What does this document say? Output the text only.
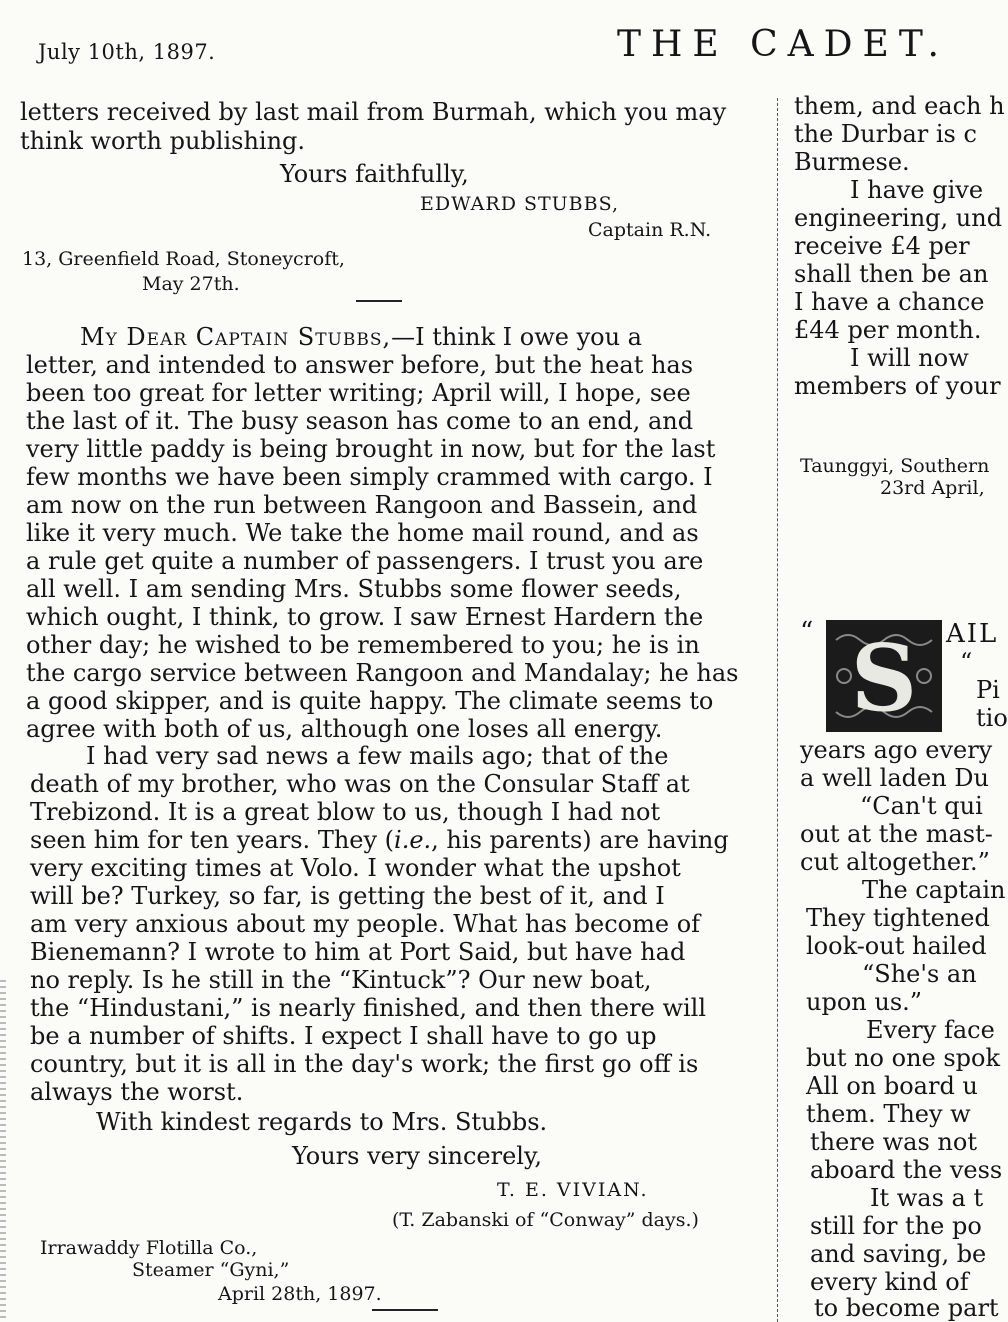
July 10th, 1897.	THE CADET.
letters received by last mail from Burmah, which you may
think worth publishing.
Yours faithfully,
EDWARD STUBBS,
Captain R.N.
13, Greenfield Road, Stoneycroft,
May 27th.
My Dear Captain Stubbs,—I think I owe you a
letter, and intended to answer before, but the heat has
been too great for letter writing; April will, I hope, see
the last of it. The busy season has come to an end, and
very little paddy is being brought in now, but for the last
few months we have been simply crammed with cargo. I
am now on the run between Rangoon and Bassein, and
like it very much. We take the home mail round, and as
a rule get quite a number of passengers. I trust you are
all well. I am sending Mrs. Stubbs some flower seeds,
which ought, I think, to grow. I saw Ernest Hardern the
other day; he wished to be remembered to you; he is in
the cargo service between Rangoon and Mandalay; he has
a good skipper, and is quite happy. The climate seems to
agree with both of us, although one loses all energy.
I had very sad news a few mails ago; that of the
death of my brother, who was on the Consular Staff at
Trebizond. It is a great blow to us, though I had not
seen him for ten years. They (i.e., his parents) are having
very exciting times at Volo. I wonder what the upshot
will be? Turkey, so far, is getting the best of it, and I
am very anxious about my people. What has become of
Bienemann? I wrote to him at Port Said, but have had
no reply. Is he still in the “Kintuck”? Our new boat,
the “Hindustani,” is nearly finished, and then there will
be a number of shifts. I expect I shall have to go up
country, but it is all in the day's work; the first go off is
always the worst.
With kindest regards to Mrs. Stubbs.
Yours very sincerely,
T. E. VIVIAN.
(T. Zabanski of “Conway” days.)
Irrawaddy Flotilla Co.,
Steamer “Gyni,”
April 28th, 1897.
them, and each h
the Durbar is c
Burmese.
I have give
engineering, und
receive £4 per
shall then be an
I have a chance
£44 per month.
I will now
members of your
Taunggyi, Southern
23rd April,
“ S AIL
“
Pi
tio
years ago every
a well laden Du
“Can't qui
out at the mast-
cut altogether.”
The captain
They tightened
look-out hailed
“She's an
upon us.”
Every face
but no one spok
All on board u
them. They w
there was not
aboard the vess
It was a t
still for the po
and saving, be
every kind of
to become part
